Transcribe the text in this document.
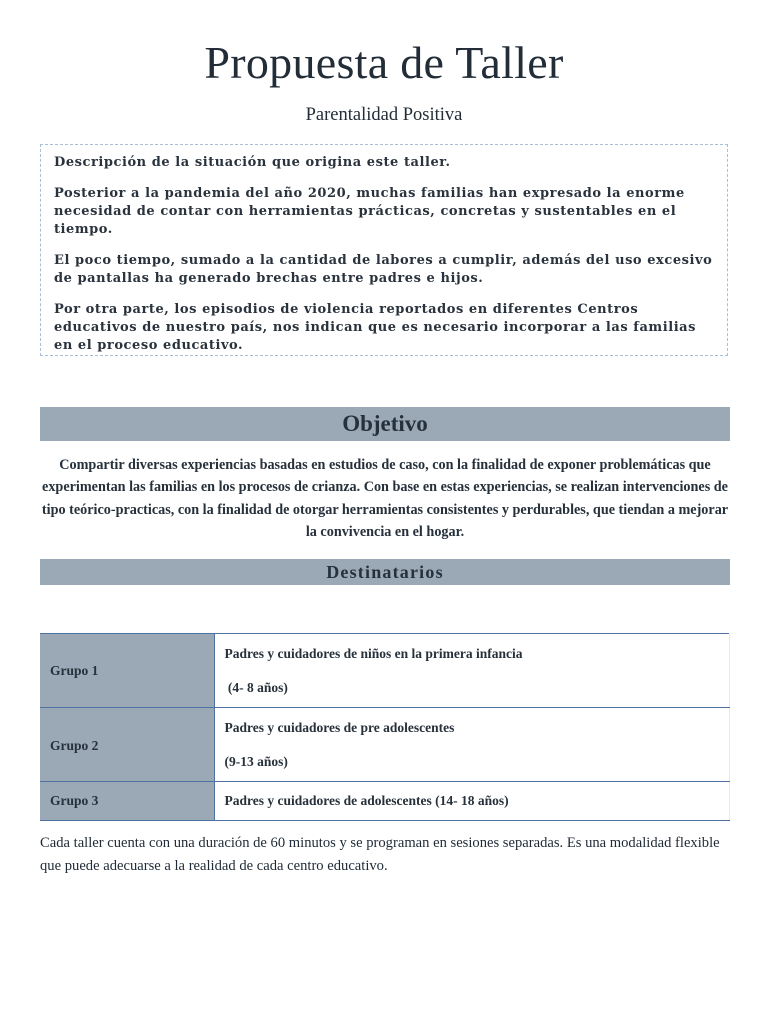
Propuesta de Taller
Parentalidad Positiva

Descripción de la situación que origina este taller.

Posterior a la pandemia del año 2020, muchas familias han expresado la enorme necesidad de contar con herramientas prácticas, concretas y sustentables en el tiempo.

El poco tiempo, sumado a la cantidad de labores a cumplir, además del uso excesivo de pantallas ha generado brechas entre padres e hijos.

Por otra parte, los episodios de violencia reportados en diferentes Centros educativos de nuestro país, nos indican que es necesario incorporar a las familias en el proceso educativo.

Objetivo
Compartir diversas experiencias basadas en estudios de caso, con la finalidad de exponer problemáticas que experimentan las familias en los procesos de crianza. Con base en estas experiencias, se realizan intervenciones de tipo teórico-practicas, con la finalidad de otorgar herramientas consistentes y perdurables, que tiendan a mejorar la convivencia en el hogar.
Destinatarios
Grupo 1	Padres y cuidadores de niños en la primera infancia

(4- 8 años)

Grupo 2	Padres y cuidadores de pre adolescentes

(9-13 años)

Grupo 3	Padres y cuidadores de adolescentes (14- 18 años)

Cada taller cuenta con una duración de 60 minutos y se programan en sesiones separadas. Es una modalidad flexible que puede adecuarse a la realidad de cada centro educativo.
